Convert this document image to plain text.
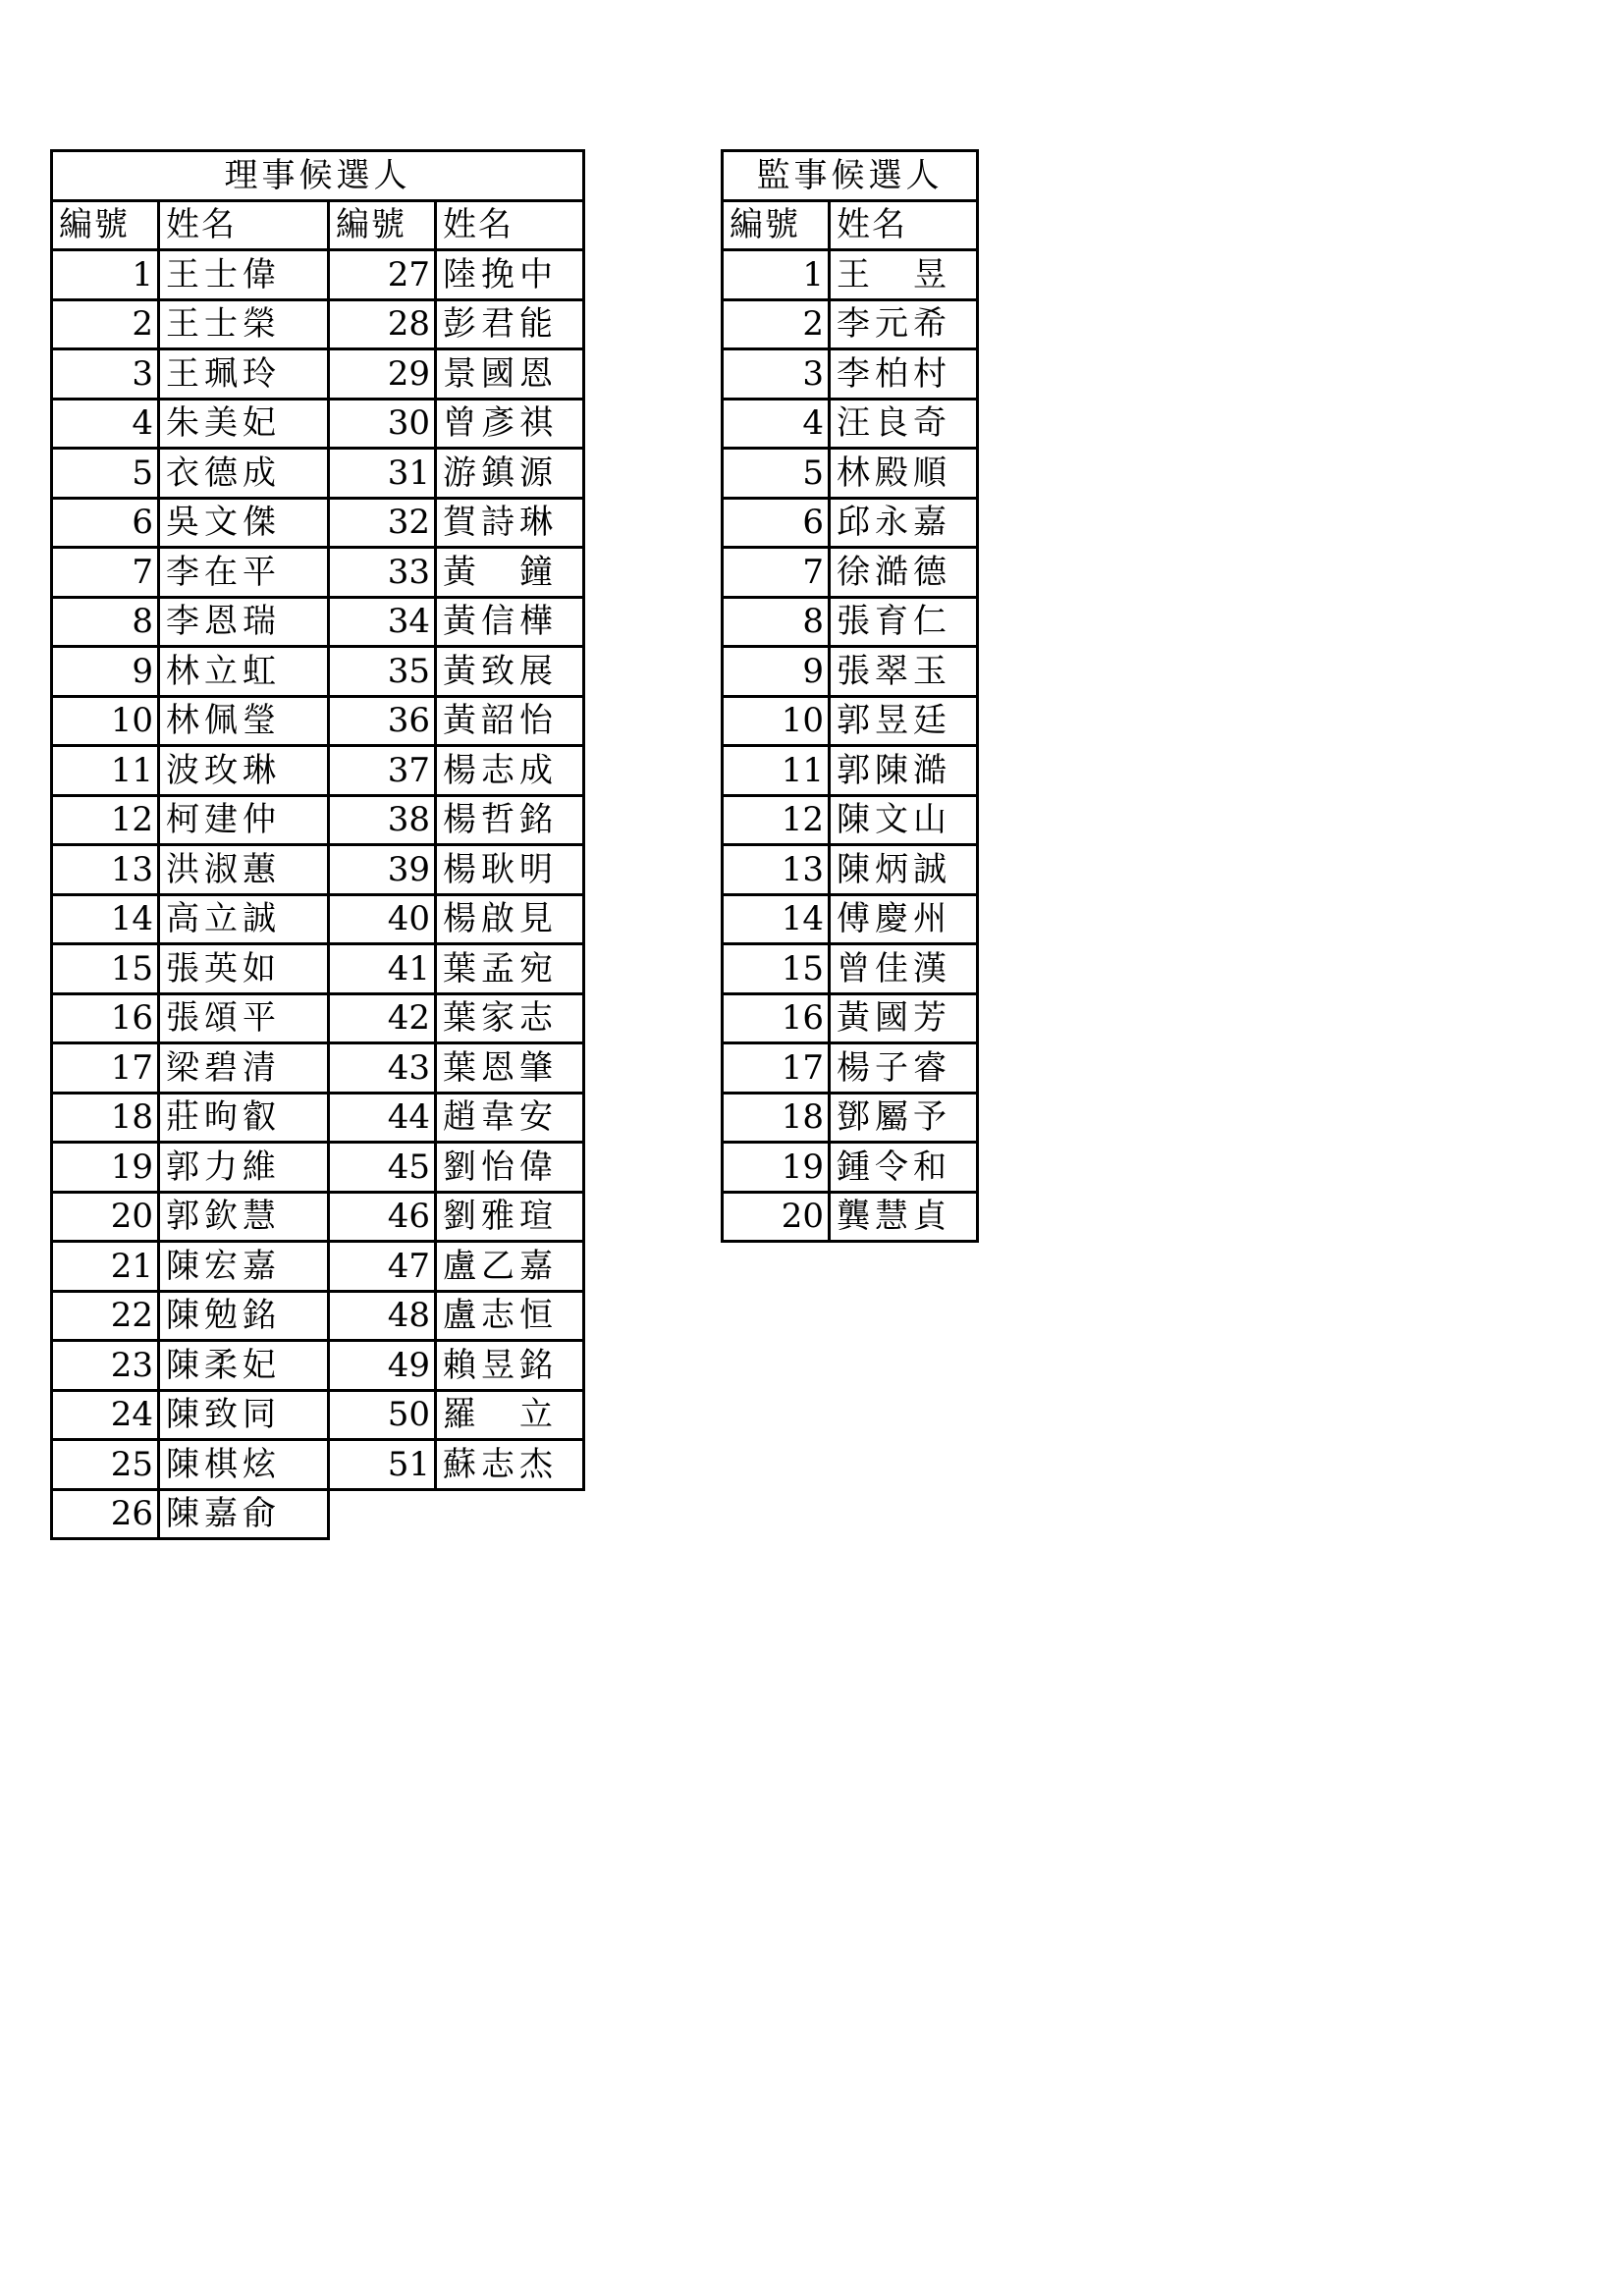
理事候選人			
編號	姓名	編號	姓名
1	王士偉	27	陸挽中
2	王士榮	28	彭君能
3	王珮玲	29	景國恩
4	朱美妃	30	曾彥祺
5	衣德成	31	游鎮源
6	吳文傑	32	賀詩琳
7	李在平	33	黃　鐘
8	李恩瑞	34	黃信樺
9	林立虹	35	黃致展
10	林佩瑩	36	黃韶怡
11	波玫琳	37	楊志成
12	柯建仲	38	楊哲銘
13	洪淑蕙	39	楊耿明
14	高立誠	40	楊啟見
15	張英如	41	葉孟宛
16	張頌平	42	葉家志
17	梁碧清	43	葉恩肇
18	莊昫叡	44	趙韋安
19	郭力維	45	劉怡偉
20	郭欽慧	46	劉雅瑄
21	陳宏嘉	47	盧乙嘉
22	陳勉銘	48	盧志恒
23	陳柔妃	49	賴昱銘
24	陳致同	50	羅　立
25	陳棋炫	51	蘇志杰
26	陳嘉俞		
監事候選人	
編號	姓名
1	王　昱
2	李元希
3	李柏村
4	汪良奇
5	林殿順
6	邱永嘉
7	徐澔德
8	張育仁
9	張翠玉
10	郭昱廷
11	郭陳澔
12	陳文山
13	陳炳誠
14	傅慶州
15	曾佳漢
16	黃國芳
17	楊子睿
18	鄧屬予
19	鍾令和
20	龔慧貞
